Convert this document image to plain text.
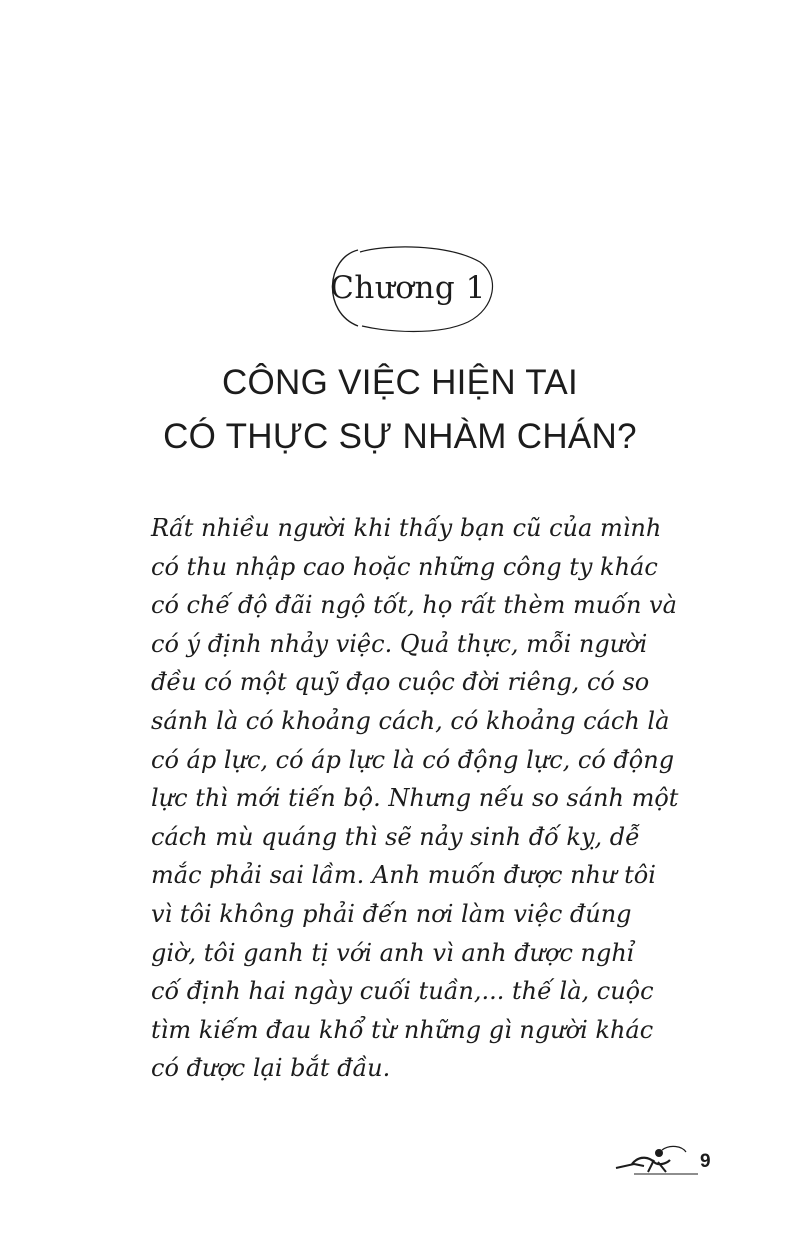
Chương 1
CÔNG VIỆC HIỆN TAI
CÓ THỰC SỰ NHÀM CHÁN?
Rất nhiều người khi thấy bạn cũ của mình
có thu nhập cao hoặc những công ty khác
có chế độ đãi ngộ tốt, họ rất thèm muốn và
có ý định nhảy việc. Quả thực, mỗi người
đều có một quỹ đạo cuộc đời riêng, có so
sánh là có khoảng cách, có khoảng cách là
có áp lực, có áp lực là có động lực, có động
lực thì mới tiến bộ. Nhưng nếu so sánh một
cách mù quáng thì sẽ nảy sinh đố kỵ, dễ
mắc phải sai lầm. Anh muốn được như tôi
vì tôi không phải đến nơi làm việc đúng
giờ, tôi ganh tị với anh vì anh được nghỉ
cố định hai ngày cuối tuần,... thế là, cuộc
tìm kiếm đau khổ từ những gì người khác
có được lại bắt đầu.
9
